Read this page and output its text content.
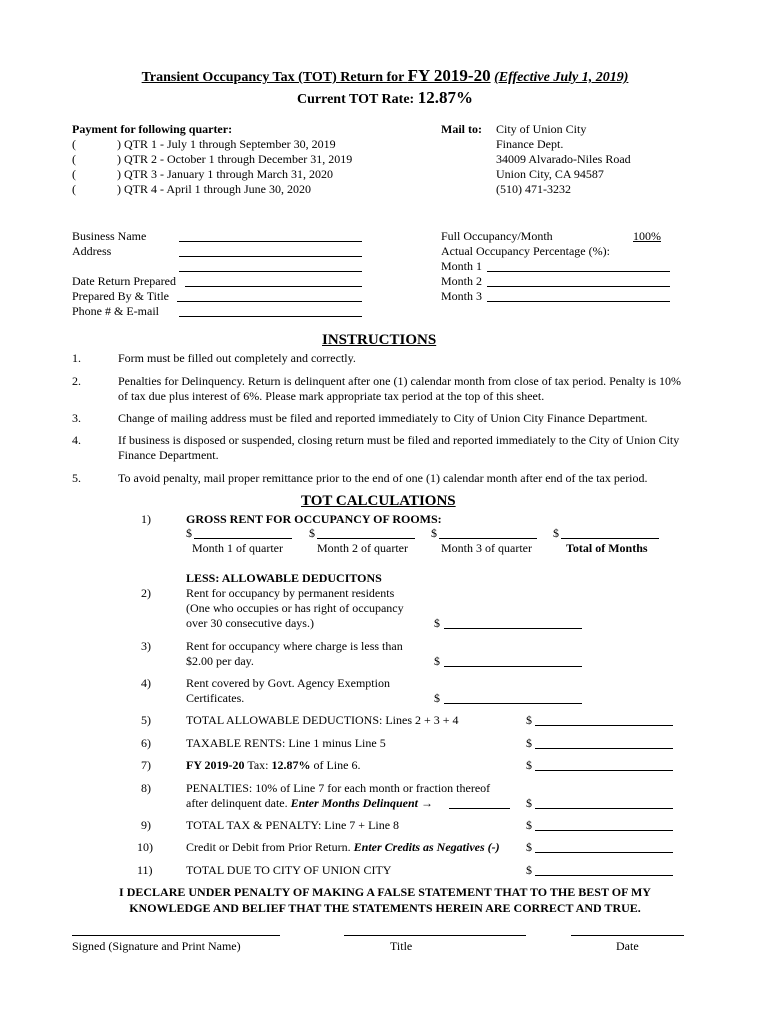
Transient Occupancy Tax (TOT) Return for FY 2019-20 (Effective July 1, 2019)
Current TOT Rate: 12.87%
Payment for following quarter:
(	) QTR 1 - July 1 through September 30, 2019
(	) QTR 2 - October 1 through December 31, 2019
(	) QTR 3 - January 1 through March 31, 2020
(	) QTR 4 - April 1 through June 30, 2020
Mail to: City of Union City
Finance Dept.
34009 Alvarado-Niles Road
Union City, CA 94587
(510) 471-3232
Business Name
Address
Date Return Prepared
Prepared By & Title
Phone # & E-mail
Full Occupancy/Month	100%
Actual Occupancy Percentage (%):
Month 1
Month 2
Month 3
INSTRUCTIONS
1.	Form must be filled out completely and correctly.
2.	Penalties for Delinquency. Return is delinquent after one (1) calendar month from close of tax period. Penalty is 10% of tax due plus interest of 6%. Please mark appropriate tax period at the top of this sheet.
3.	Change of mailing address must be filed and reported immediately to City of Union City Finance Department.
4.	If business is disposed or suspended, closing return must be filed and reported immediately to the City of Union City Finance Department.
5.	To avoid penalty, mail proper remittance prior to the end of one (1) calendar month after end of the tax period.
TOT CALCULATIONS
1)	GROSS RENT FOR OCCUPANCY OF ROOMS:
$	$	$	$
Month 1 of quarter	Month 2 of quarter	Month 3 of quarter	Total of Months
LESS: ALLOWABLE DEDUCITONS
2)	Rent for occupancy by permanent residents
(One who occupies or has right of occupancy
over 30 consecutive days.)	$
3)	Rent for occupancy where charge is less than
$2.00 per day.	$
4)	Rent covered by Govt. Agency Exemption
Certificates.	$
5)	TOTAL ALLOWABLE DEDUCTIONS: Lines 2 + 3 + 4	$
6)	TAXABLE RENTS: Line 1 minus Line 5	$
7)	FY 2019-20 Tax: 12.87% of Line 6.	$
8)	PENALTIES: 10% of Line 7 for each month or fraction thereof
after delinquent date. Enter Months Delinquent →	$
9)	TOTAL TAX & PENALTY: Line 7 + Line 8	$
10)	Credit or Debit from Prior Return. Enter Credits as Negatives (-) $
11)	TOTAL DUE TO CITY OF UNION CITY	$
I DECLARE UNDER PENALTY OF MAKING A FALSE STATEMENT THAT TO THE BEST OF MY
KNOWLEDGE AND BELIEF THAT THE STATEMENTS HEREIN ARE CORRECT AND TRUE.
Signed (Signature and Print Name)	Title	Date
